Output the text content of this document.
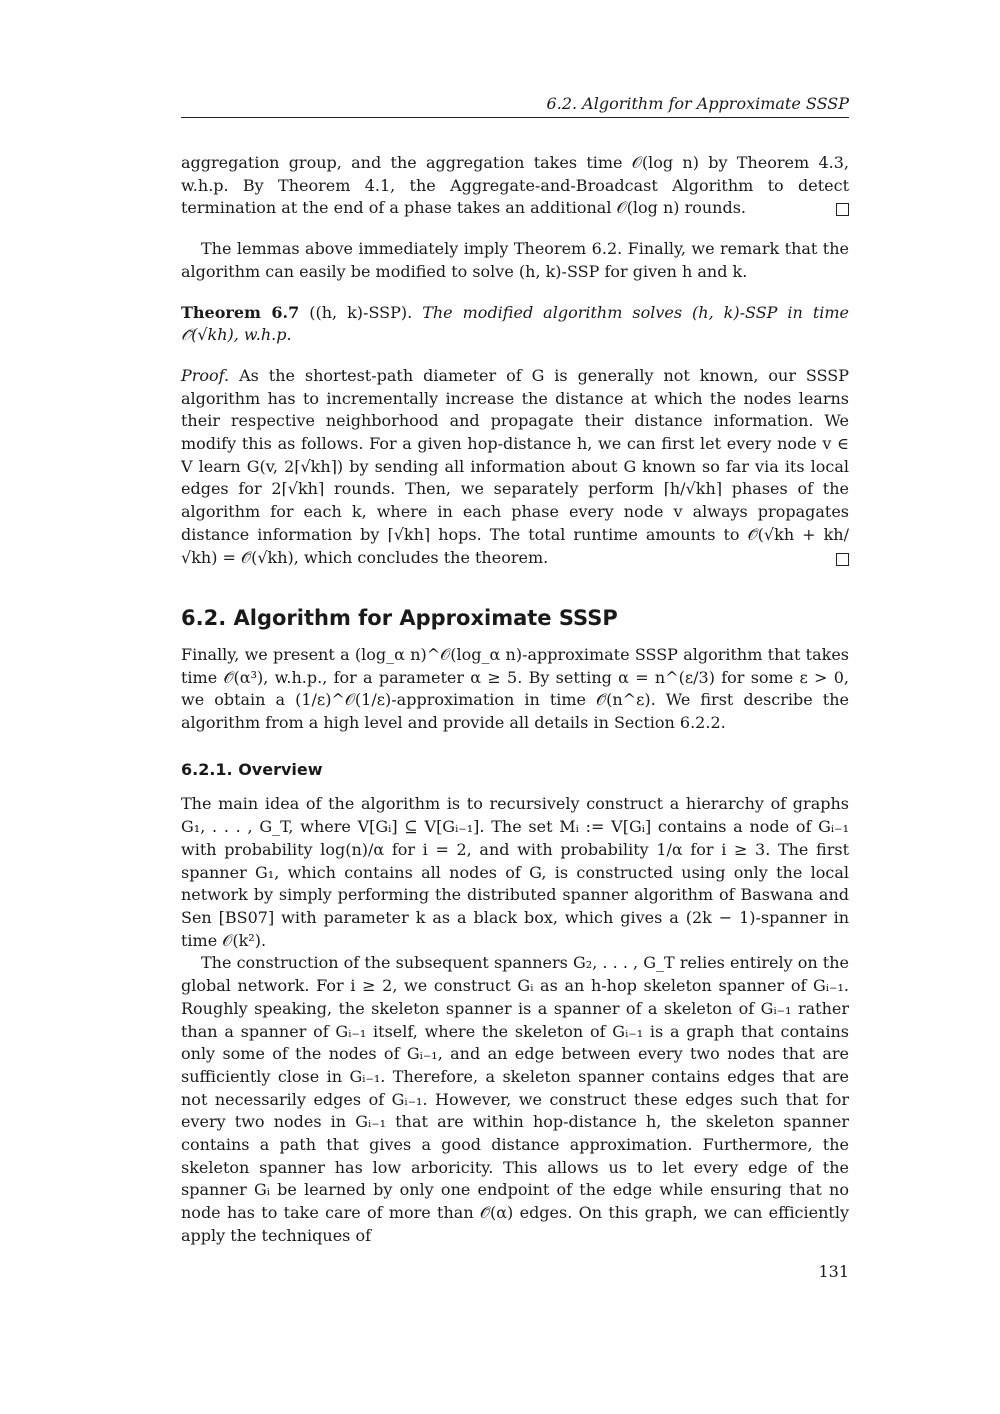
6.2. Algorithm for Approximate SSSP

aggregation group, and the aggregation takes time 𝒪(log n) by Theorem 4.3, w.h.p. By Theorem 4.1, the Aggregate-and-Broadcast Algorithm to detect termination at the end of a phase takes an additional 𝒪(log n) rounds.

The lemmas above immediately imply Theorem 6.2. Finally, we remark that the algorithm can easily be modified to solve (h, k)-SSP for given h and k.

Theorem 6.7 ((h, k)-SSP). The modified algorithm solves (h, k)-SSP in time 𝒪̃(√kh), w.h.p.

Proof. As the shortest-path diameter of G is generally not known, our SSSP algorithm has to incrementally increase the distance at which the nodes learns their respective neighborhood and propagate their distance information. We modify this as follows. For a given hop-distance h, we can first let every node v ∈ V learn G(v, 2⌈√kh⌉) by sending all information about G known so far via its local edges for 2⌈√kh⌉ rounds. Then, we separately perform ⌈h/√kh⌉ phases of the algorithm for each k, where in each phase every node v always propagates distance information by ⌈√kh⌉ hops. The total runtime amounts to 𝒪̃(√kh + kh/√kh) = 𝒪̃(√kh), which concludes the theorem.

6.2. Algorithm for Approximate SSSP

Finally, we present a (log_α n)^𝒪(log_α n)-approximate SSSP algorithm that takes time 𝒪̃(α³), w.h.p., for a parameter α ≥ 5. By setting α = n^(ε/3) for some ε > 0, we obtain a (1/ε)^𝒪(1/ε)-approximation in time 𝒪̃(n^ε). We first describe the algorithm from a high level and provide all details in Section 6.2.2.

6.2.1. Overview

The main idea of the algorithm is to recursively construct a hierarchy of graphs G₁, . . . , G_T, where V[Gᵢ] ⊆ V[Gᵢ₋₁]. The set Mᵢ := V[Gᵢ] contains a node of Gᵢ₋₁ with probability log(n)/α for i = 2, and with probability 1/α for i ≥ 3. The first spanner G₁, which contains all nodes of G, is constructed using only the local network by simply performing the distributed spanner algorithm of Baswana and Sen [BS07] with parameter k as a black box, which gives a (2k − 1)-spanner in time 𝒪(k²).

The construction of the subsequent spanners G₂, . . . , G_T relies entirely on the global network. For i ≥ 2, we construct Gᵢ as an h-hop skeleton spanner of Gᵢ₋₁. Roughly speaking, the skeleton spanner is a spanner of a skeleton of Gᵢ₋₁ rather than a spanner of Gᵢ₋₁ itself, where the skeleton of Gᵢ₋₁ is a graph that contains only some of the nodes of Gᵢ₋₁, and an edge between every two nodes that are sufficiently close in Gᵢ₋₁. Therefore, a skeleton spanner contains edges that are not necessarily edges of Gᵢ₋₁. However, we construct these edges such that for every two nodes in Gᵢ₋₁ that are within hop-distance h, the skeleton spanner contains a path that gives a good distance approximation. Furthermore, the skeleton spanner has low arboricity. This allows us to let every edge of the spanner Gᵢ be learned by only one endpoint of the edge while ensuring that no node has to take care of more than 𝒪̃(α) edges. On this graph, we can efficiently apply the techniques of

131
